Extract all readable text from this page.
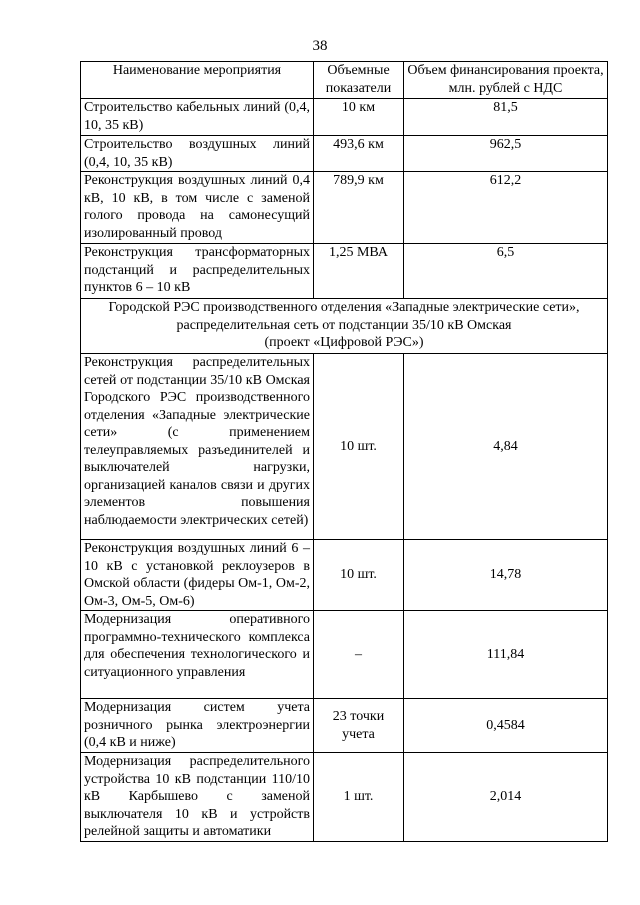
38
Наименование мероприятия	Объемные показатели	Объем финансирования проекта, млн. рублей с НДС
Строительство кабельных линий (0,4, 10, 35 кВ)	10 км	81,5
Строительство воздушных линий (0,4, 10, 35 кВ)	493,6 км	962,5
Реконструкция воздушных линий 0,4 кВ, 10 кВ, в том числе с заменой голого провода на самонесущий изолированный провод	789,9 км	612,2
Реконструкция трансформаторных подстанций и распределительных пунктов 6 – 10 кВ	1,25 МВА	6,5

Городской РЭС производственного отделения «Западные электрические сети»,
распределительная сеть от подстанции 35/10 кВ Омская
(проект «Цифровой РЭС»)		

Реконструкция распределительных сетей от подстанции 35/10 кВ Омская Городского РЭС производственного отделения «Западные электрические сети» (с применением телеуправляемых разъединителей и выключателей нагрузки, организацией каналов связи и других элементов повышения наблюдаемости электрических сетей)	10 шт.	4,84
Реконструкция воздушных линий 6 – 10 кВ с установкой реклоузеров в Омской области (фидеры Ом-1, Ом-2, Ом-3, Ом-5, Ом-6)	10 шт.	14,78
Модернизация оперативного программно-технического комплекса для обеспечения технологического и ситуационного управления	–	111,84
Модернизация систем учета розничного рынка электроэнергии (0,4 кВ и ниже)	23 точки учета	0,4584
Модернизация распределительного устройства 10 кВ подстанции 110/10 кВ Карбышево с заменой выключателя 10 кВ и устройств релейной защиты и автоматики	1 шт.	2,014
